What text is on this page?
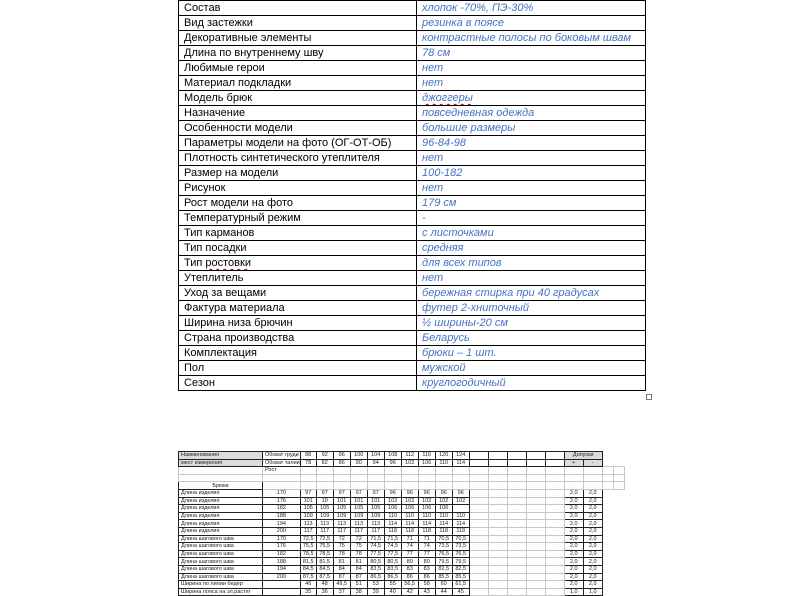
Состав	хлопок -70%, ПЭ-30%
Вид застежки	резинка в поясе
Декоративные элементы	контрастные полосы по боковым швам
Длина по внутреннему шву	78 см
Любимые герои	нет
Материал подкладки	нет
Модель брюк	джоггеры
Назначение	повседневная одежда
Особенности модели	большие размеры
Параметры модели на фото (ОГ-ОТ-ОБ)	96-84-98
Плотность синтетического утеплителя	нет
Размер на модели	100-182
Рисунок	нет
Рост модели на фото	179 см
Температурный режим	-
Тип карманов	с листочками
Тип посадки	средняя
Тип ростовки	для всех типов
Утеплитель	нет
Уход за вещами	бережная стирка при 40 градусах
Фактура материала	футер 2-хниточный
Ширина низа брючин	½ ширины-20 см
Страна производства	Беларусь
Комплектация	брюки – 1 шт.
Пол	мужской
Сезон	круглогодичный
Наименования	Обхват груди	88	92	96	100	104	108	112	116	120	124						Допуски			
мест измерения	Обхват талии	78	82	86	90	94	96	102	106	110	114						+	-		
	Рост																			

Брюки																				
Длина изделия	170	97	97	97	97	97	96	96	96	96	96						2,0	2,0		
Длина изделия	176	101	10	101	101	101	102	102	102	102	102						2,0	2,0		
Длина изделия	182	105	105	105	105	105	106	106	106	106							2,0	2,0		
Длина изделия	188	109	109	109	109	109	110	110	110	110	110						2,0	2,0		
Длина изделия	194	113	113	113	113	113	114	114	114	114	114						2,0	2,0		
Длина изделия	200	117	117	117	117	117	118	118	118	118	118						2,0	2,0		
Длина шагового шва	170	72,5	72,5	72	72	71,5	71,5	71	71	70,5	70,5						2,0	2,0		
Длина шагового шва	176	75,5	75,5	75	75	74,5	74,5	74	74	73,5	73,5						2,0	2,0		
Длина шагового шва	182	78,5	78,5	78	78	77,5	77,5	77	77	76,5	76,5						2,0	2,0		
Длина шагового шва	188	81,5	81,5	81	81	80,5	80,5	80	80	79,5	79,5						2,0	2,0		
Длина шагового шва	194	84,5	84,5	84	84	83,5	83,5	83	83	82,5	82,5						2,0	2,0		
Длина шагового шва	200	87,5	87,5	87	87	86,5	86,5	86	86	85,5	85,5						2,0	2,0		
Ширина по линии бедер		46	48	49,5	51	53	55	56,5	58	60	61,5						2,0	2,0		
Ширина пояса на эл.растяг		35	36	37	38	39	40	42	43	44	45						1,0	1,0		
